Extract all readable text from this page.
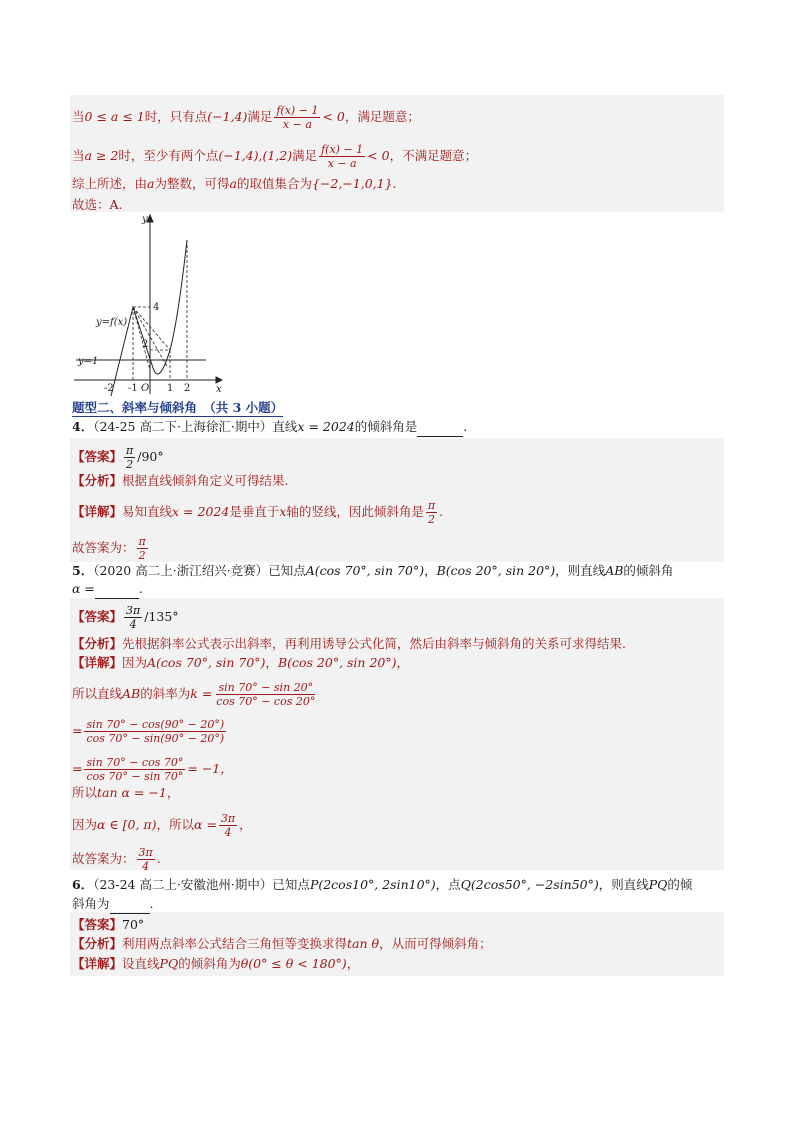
当0 ≤ a ≤ 1时，只有点(−1,4)满足 $\frac{f(x) - 1}{x - a} < 0$，满足题意；
当a ≥ 2时，至少有两个点(−1,4),(1,2)满足 $\frac{f(x) - 1}{x - a} < 0$，不满足题意；
综上所述，由a为整数，可得a的取值集合为{−2,−1,0,1}.
故选：A.
y
x
y=f(x)
y=1
O
4
2
-2 -1	1 2
题型二、斜率与倾斜角　（共 3 小题）
4．（24-25 高二下·上海徐汇·期中）直线x = 2024的倾斜角是	.
【答案】 $\frac{\pi}{2} /90^\circ$
【分析】根据直线倾斜角定义可得结果.
【详解】易知直线x = 2024是垂直于x轴的竖线，因此倾斜角是 $\frac{\pi}{2}$ .
故答案为： $\frac{\pi}{2}$
5．（2020 高二上·浙江绍兴·竞赛）已知点A(cos 70°, sin 70°)，B(cos 20°, sin 20°)，则直线AB的倾斜角
α =	.
【答案】 $\frac{3\pi}{4} /135^\circ$
【分析】先根据斜率公式表示出斜率，再利用诱导公式化简，然后由斜率与倾斜角的关系可求得结果.
【详解】因为A(cos 70°, sin 70°)，B(cos 20°, sin 20°)，
所以直线AB的斜率为$k = \frac{\sin 70^\circ - \sin 20^\circ}{\cos 70^\circ - \cos 20^\circ}$
= $\frac{\sin 70^\circ - \cos(90^\circ - 20^\circ)}{\cos 70^\circ - \sin(90^\circ - 20^\circ)}$
= $\frac{\sin 70^\circ - \cos 70^\circ}{\cos 70^\circ - \sin 70^\circ} = -1$，
所以tan α = −1，
因为α ∈ [0, π)，所以$\alpha = \frac{3\pi}{4}$ ，
故答案为： $\frac{3\pi}{4}$ .
6．（23-24 高二上·安徽池州·期中）已知点P(2cos10°, 2sin10°)，点Q(2cos50°, −2sin50°)，则直线PQ的倾
斜角为	.
【答案】70°
【分析】利用两点斜率公式结合三角恒等变换求得tan θ，从而可得倾斜角；
【详解】设直线PQ的倾斜角为θ(0° ≤ θ < 180°)，
